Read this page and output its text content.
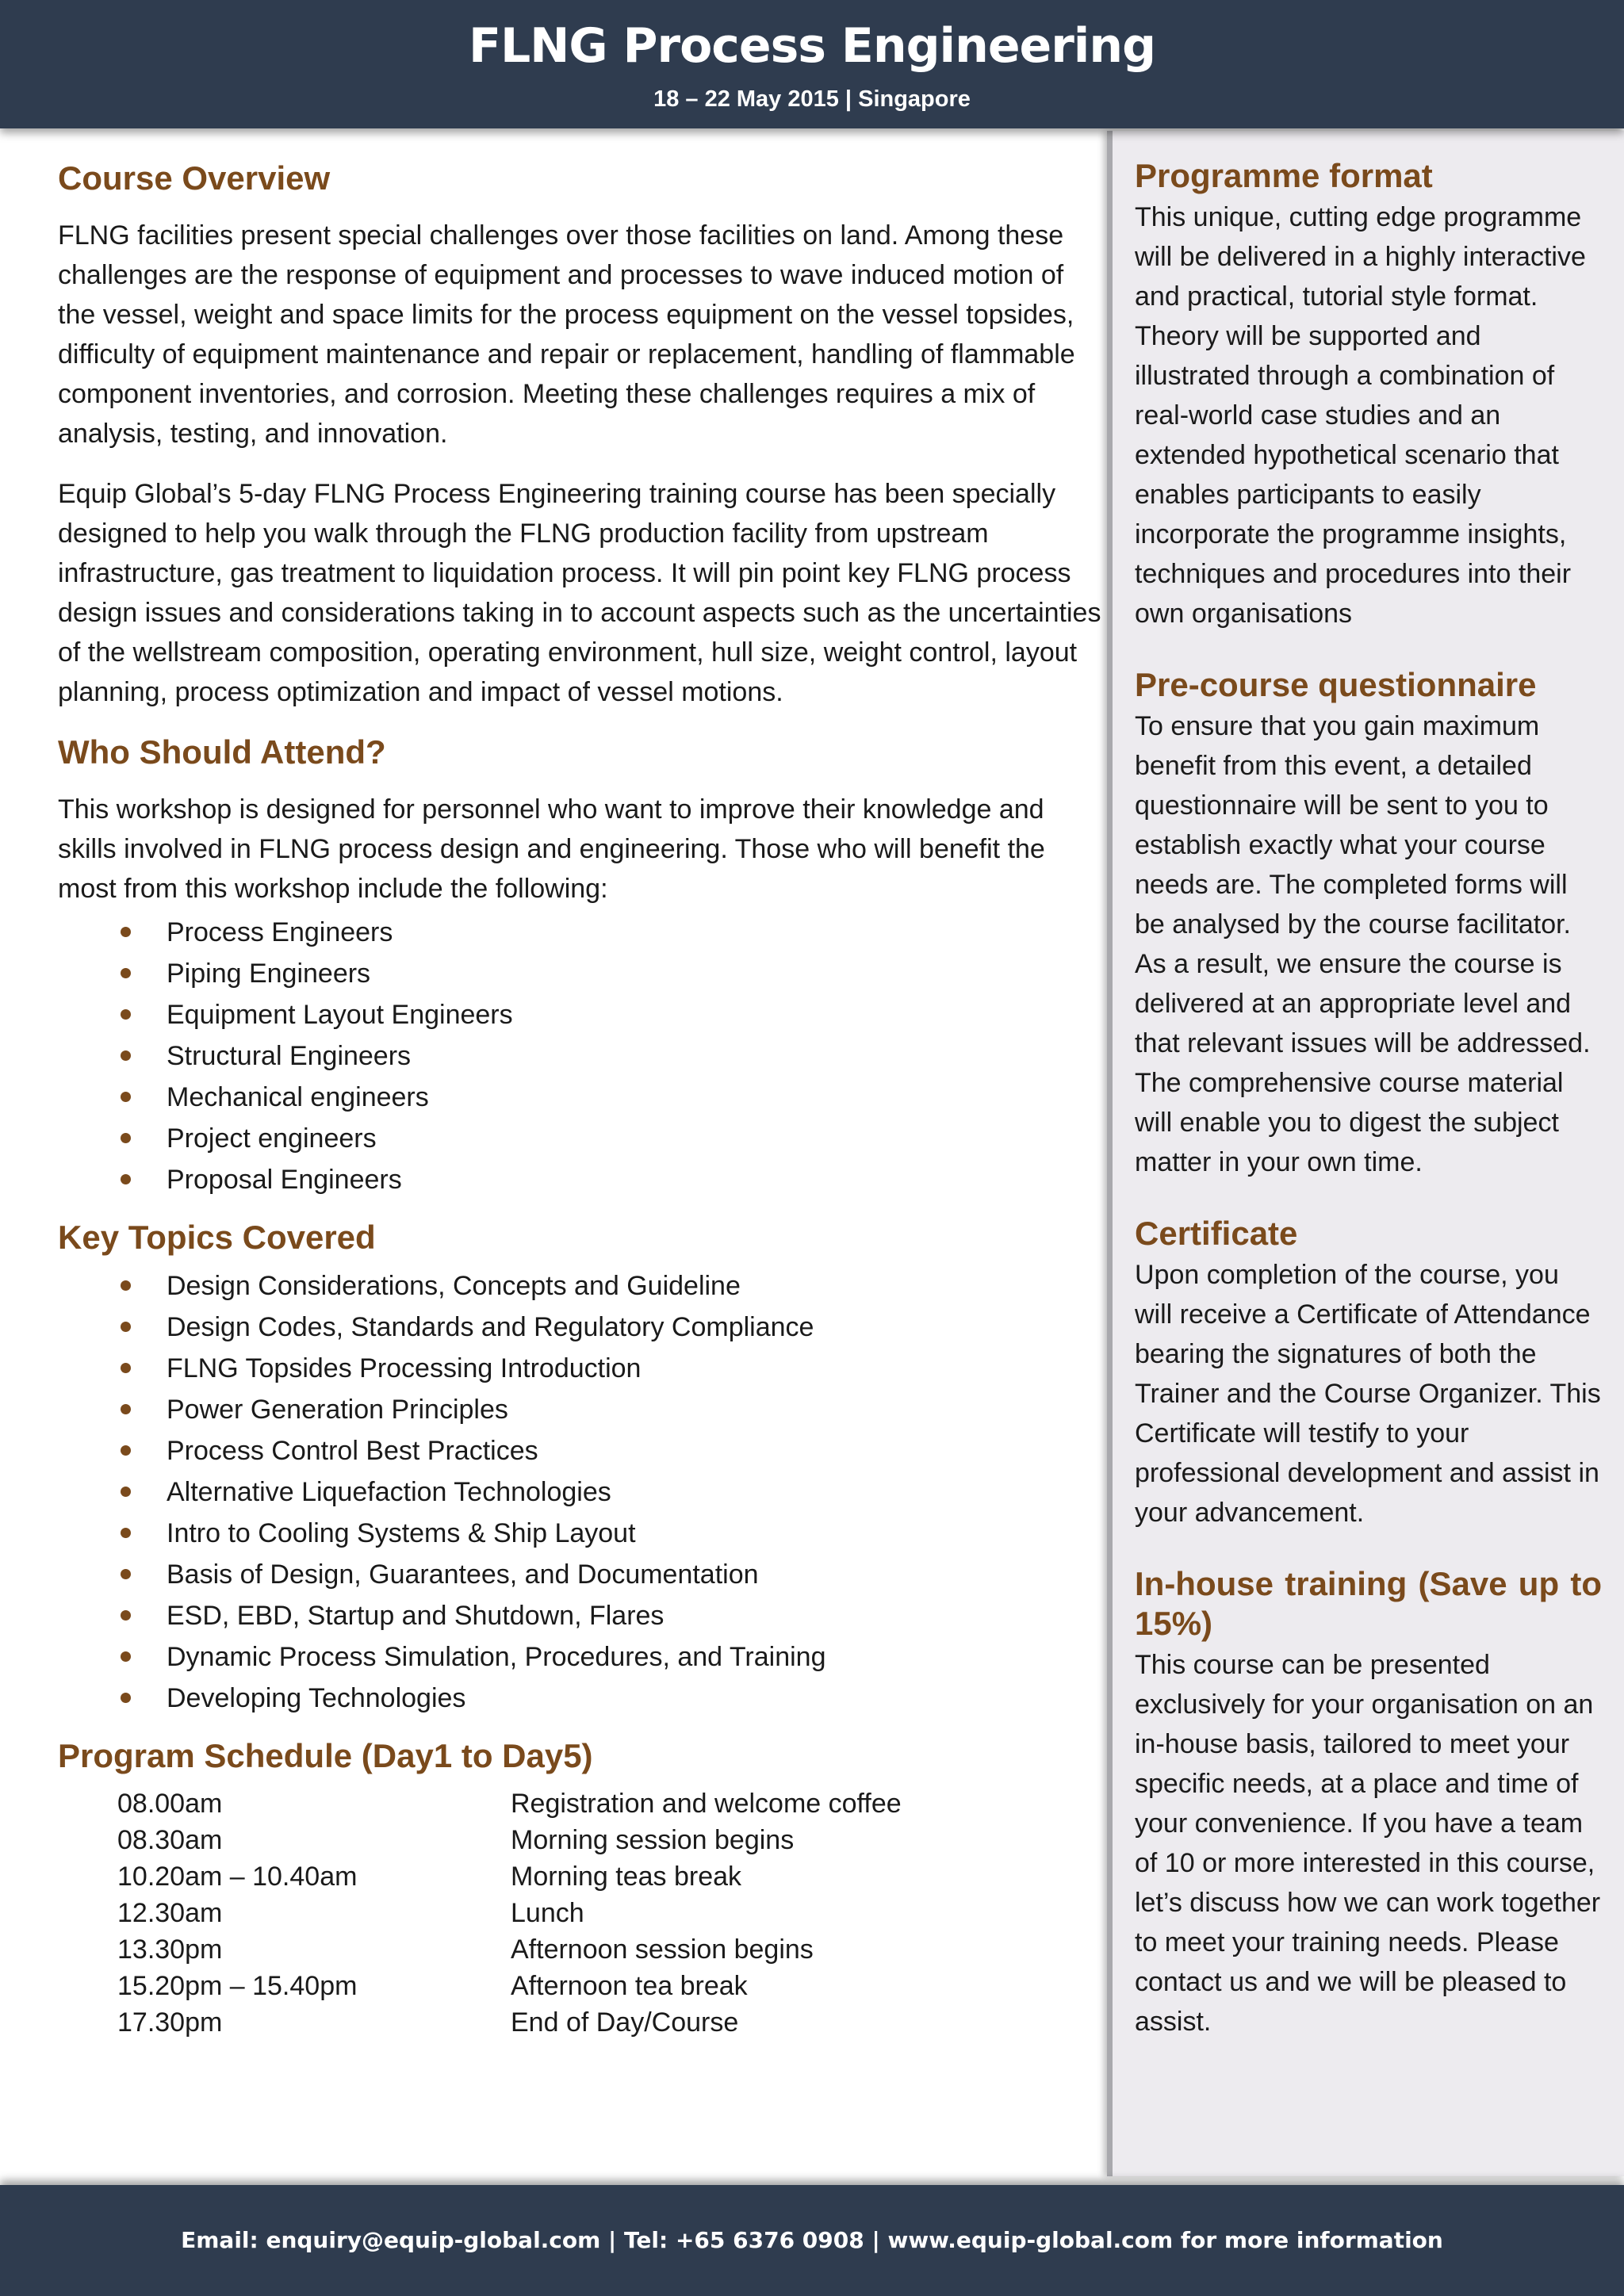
FLNG Process Engineering
18 – 22 May 2015 | Singapore
Course Overview

FLNG facilities present special challenges over those facilities on land. Among these challenges are the response of equipment and processes to wave induced motion of the vessel, weight and space limits for the process equipment on the vessel topsides, difficulty of equipment maintenance and repair or replacement, handling of flammable component inventories, and corrosion. Meeting these challenges requires a mix of analysis, testing, and innovation.

Equip Global’s 5-day FLNG Process Engineering training course has been specially designed to help you walk through the FLNG production facility from upstream infrastructure, gas treatment to liquidation process. It will pin point key FLNG process design issues and considerations taking in to account aspects such as the uncertainties of the wellstream composition, operating environment, hull size, weight control, layout planning, process optimization and impact of vessel motions.

Who Should Attend?

This workshop is designed for personnel who want to improve their knowledge and skills involved in FLNG process design and engineering. Those who will benefit the most from this workshop include the following:

Process Engineers
Piping Engineers
Equipment Layout Engineers
Structural Engineers
Mechanical engineers
Project engineers
Proposal Engineers
Key Topics Covered
Design Considerations, Concepts and Guideline
Design Codes, Standards and Regulatory Compliance
FLNG Topsides Processing Introduction
Power Generation Principles
Process Control Best Practices
Alternative Liquefaction Technologies
Intro to Cooling Systems & Ship Layout
Basis of Design, Guarantees, and Documentation
ESD, EBD, Startup and Shutdown, Flares
Dynamic Process Simulation, Procedures, and Training
Developing Technologies
Program Schedule (Day1 to Day5)
08.00am	Registration and welcome coffee
08.30am	Morning session begins
10.20am – 10.40am	Morning teas break
12.30am	Lunch
13.30pm	Afternoon session begins
15.20pm – 15.40pm	Afternoon tea break
17.30pm	End of Day/Course
Programme format

This unique, cutting edge programme will be delivered in a highly interactive and practical, tutorial style format. Theory will be supported and illustrated through a combination of real-world case studies and an extended hypothetical scenario that enables participants to easily incorporate the programme insights, techniques and procedures into their own organisations

Pre-course questionnaire

To ensure that you gain maximum benefit from this event, a detailed questionnaire will be sent to you to establish exactly what your course needs are. The completed forms will be analysed by the course facilitator. As a result, we ensure the course is delivered at an appropriate level and that relevant issues will be addressed. The comprehensive course material will enable you to digest the subject matter in your own time.

Certificate

Upon completion of the course, you will receive a Certificate of Attendance bearing the signatures of both the Trainer and the Course Organizer. This Certificate will testify to your professional development and assist in your advancement.

In-house training (Save up to 15%)

This course can be presented exclusively for your organisation on an in-house basis, tailored to meet your specific needs, at a place and time of your convenience. If you have a team of 10 or more interested in this course, let’s discuss how we can work together to meet your training needs. Please contact us and we will be pleased to assist.

Email: enquiry@equip-global.com | Tel: +65 6376 0908 | www.equip-global.com for more information
